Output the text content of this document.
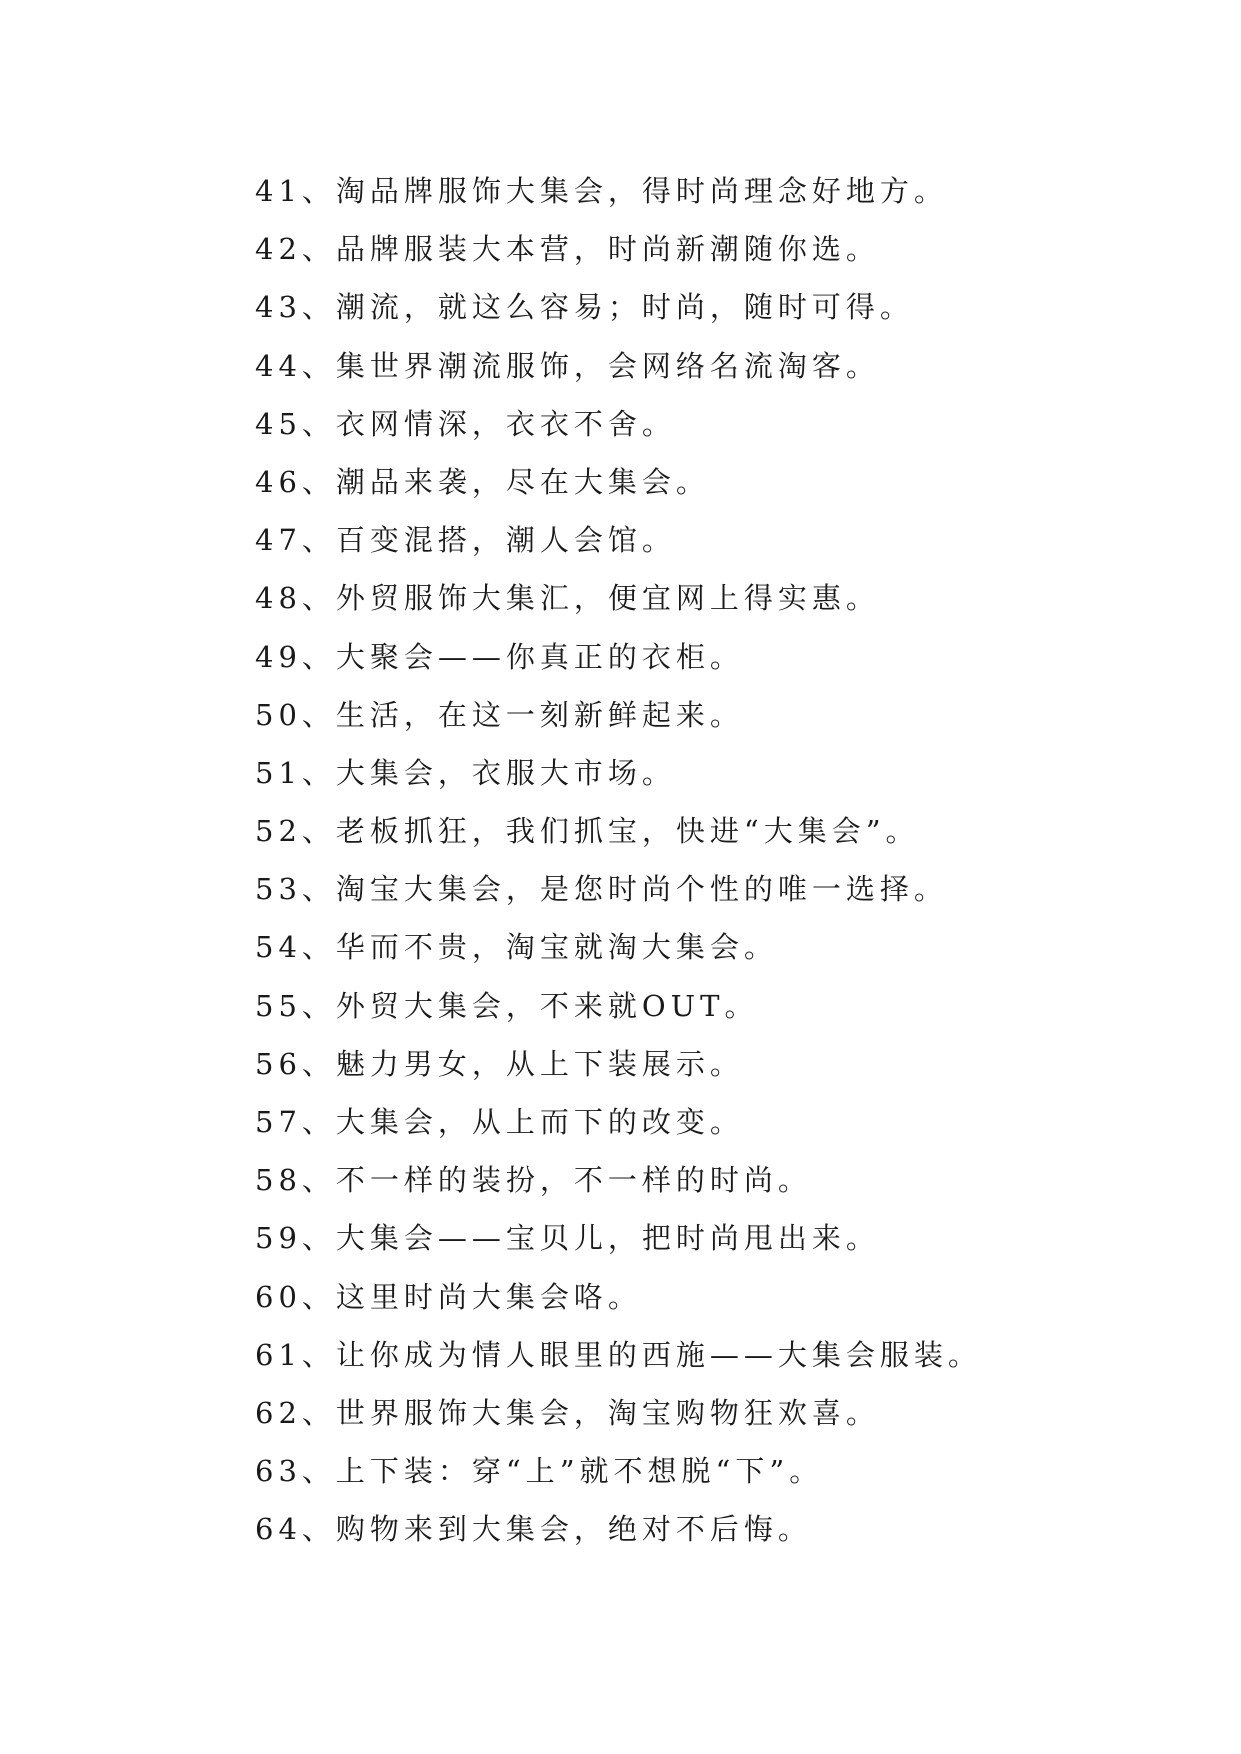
41、淘品牌服饰大集会，得时尚理念好地方。
42、品牌服装大本营，时尚新潮随你选。
43、潮流，就这么容易；时尚，随时可得。
44、集世界潮流服饰，会网络名流淘客。
45、衣网情深，衣衣不舍。
46、潮品来袭，尽在大集会。
47、百变混搭，潮人会馆。
48、外贸服饰大集汇，便宜网上得实惠。
49、大聚会——你真正的衣柜。
50、生活，在这一刻新鲜起来。
51、大集会，衣服大市场。
52、老板抓狂，我们抓宝，快进“大集会”。
53、淘宝大集会，是您时尚个性的唯一选择。
54、华而不贵，淘宝就淘大集会。
55、外贸大集会，不来就OUT。
56、魅力男女，从上下装展示。
57、大集会，从上而下的改变。
58、不一样的装扮，不一样的时尚。
59、大集会——宝贝儿，把时尚甩出来。
60、这里时尚大集会咯。
61、让你成为情人眼里的西施——大集会服装。
62、世界服饰大集会，淘宝购物狂欢喜。
63、上下装：穿“上”就不想脱“下”。
64、购物来到大集会，绝对不后悔。
